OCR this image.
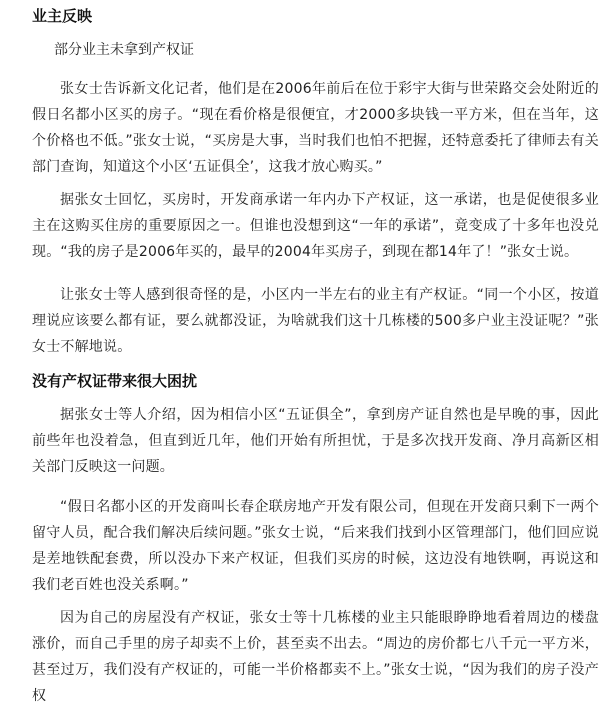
业主反映

部分业主未拿到产权证

张女士告诉新文化记者，他们是在2006年前后在位于彩宇大街与世荣路交会处附近的假日名都小区买的房子。“现在看价格是很便宜，才2000多块钱一平方米，但在当年，这个价格也不低。”张女士说，“买房是大事，当时我们也怕不把握，还特意委托了律师去有关部门查询，知道这个小区‘五证俱全’，这我才放心购买。”

据张女士回忆，买房时，开发商承诺一年内办下产权证，这一承诺，也是促使很多业主在这购买住房的重要原因之一。但谁也没想到这“一年的承诺”，竟变成了十多年也没兑现。“我的房子是2006年买的，最早的2004年买房子，到现在都14年了！”张女士说。

让张女士等人感到很奇怪的是，小区内一半左右的业主有产权证。“同一个小区，按道理说应该要么都有证，要么就都没证，为啥就我们这十几栋楼的500多户业主没证呢？”张女士不解地说。

没有产权证带来很大困扰

据张女士等人介绍，因为相信小区“五证俱全”，拿到房产证自然也是早晚的事，因此前些年也没着急，但直到近几年，他们开始有所担忧，于是多次找开发商、净月高新区相关部门反映这一问题。

“假日名都小区的开发商叫长春企联房地产开发有限公司，但现在开发商只剩下一两个留守人员，配合我们解决后续问题。”张女士说，“后来我们找到小区管理部门，他们回应说是差地铁配套费，所以没办下来产权证，但我们买房的时候，这边没有地铁啊，再说这和我们老百姓也没关系啊。”

因为自己的房屋没有产权证，张女士等十几栋楼的业主只能眼睁睁地看着周边的楼盘涨价，而自己手里的房子却卖不上价，甚至卖不出去。“周边的房价都七八千元一平方米，甚至过万，我们没有产权证的，可能一半价格都卖不上。”张女士说，“因为我们的房子没产权
